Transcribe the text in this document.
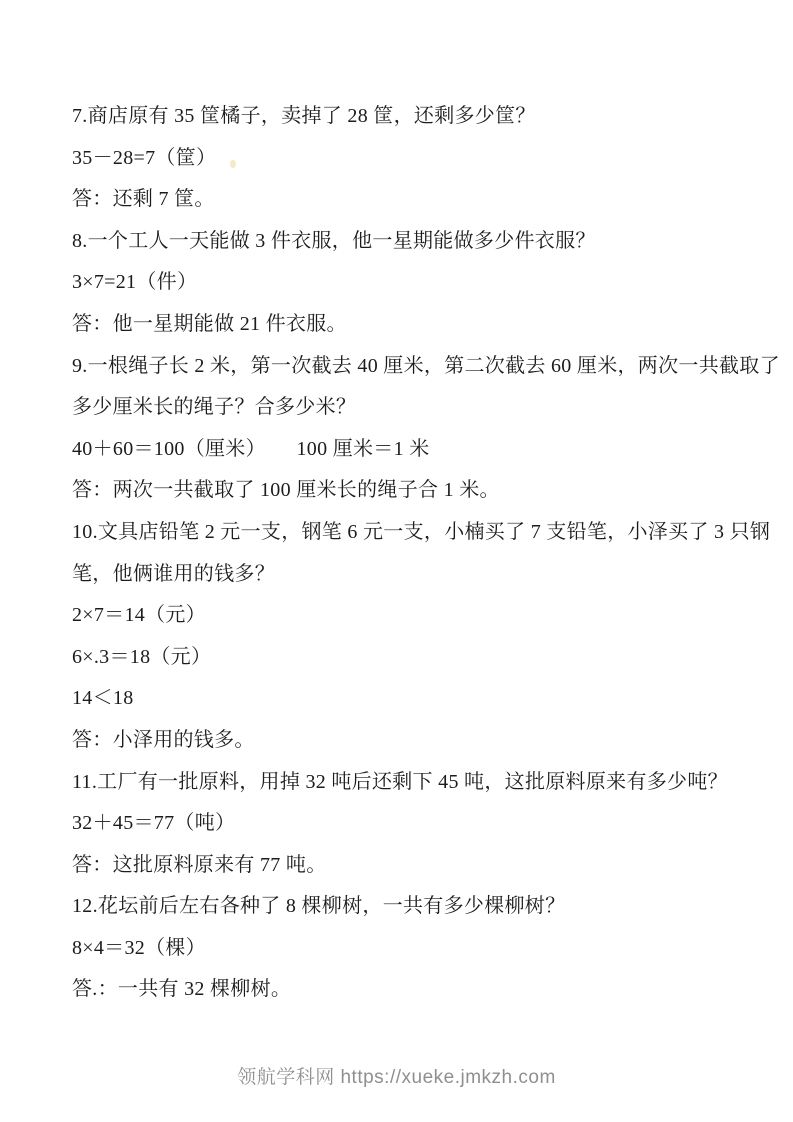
7.商店原有 35 筐橘子，卖掉了 28 筐，还剩多少筐？
35－28=7（筐）
答：还剩 7 筐。
8.一个工人一天能做 3 件衣服，他一星期能做多少件衣服？
3×7=21（件）
答：他一星期能做 21 件衣服。
9.一根绳子长 2 米，第一次截去 40 厘米，第二次截去 60 厘米，两次一共截取了
多少厘米长的绳子？合多少米？
40＋60＝100（厘米）　　100 厘米＝1 米
答：两次一共截取了 100 厘米长的绳子合 1 米。
10.文具店铅笔 2 元一支，钢笔 6 元一支，小楠买了 7 支铅笔，小泽买了 3 只钢
笔，他俩谁用的钱多？
2×7＝14（元）
6×.3＝18（元）
14＜18
答：小泽用的钱多。
11.工厂有一批原料，用掉 32 吨后还剩下 45 吨，这批原料原来有多少吨？
32＋45＝77（吨）
答：这批原料原来有 77 吨。
12.花坛前后左右各种了 8 棵柳树，一共有多少棵柳树？
8×4＝32（棵）
答.：一共有 32 棵柳树。
领航学科网 https://xueke.jmkzh.com
